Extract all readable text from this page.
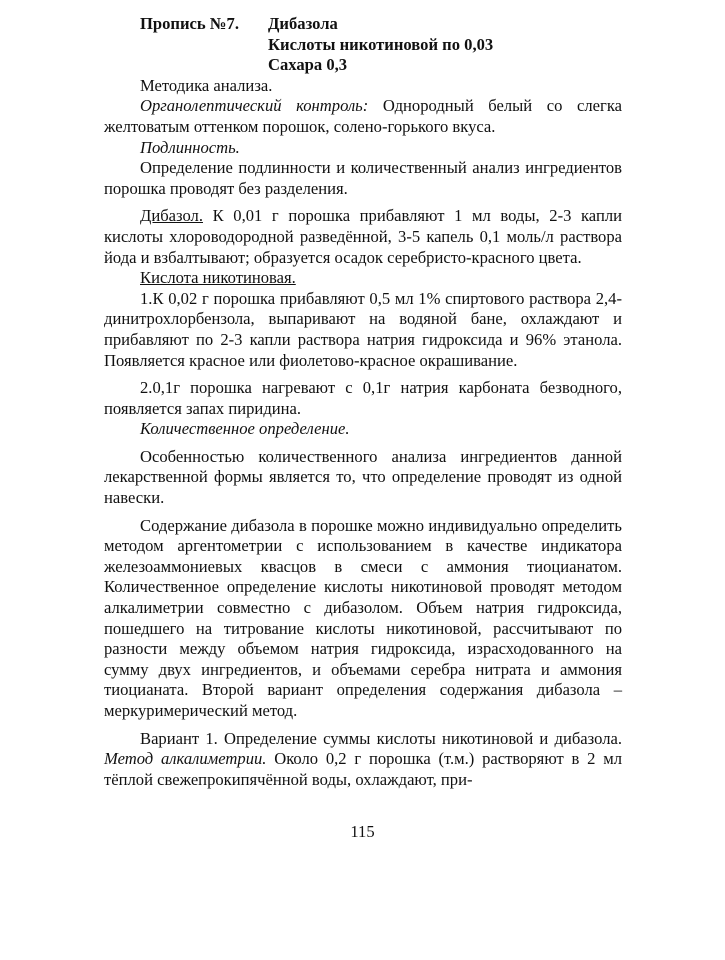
Пропись №7.	Дибазола
Кислоты никотиновой по 0,03
Сахара 0,3

Методика анализа.

Органолептический контроль: Однородный белый со слегка желтоватым оттенком порошок, солено-горького вкуса.

Подлинность.

Определение подлинности и количественный анализ ингредиентов порошка проводят без разделения.

Дибазол. К 0,01 г порошка прибавляют 1 мл воды, 2-3 капли кислоты хлороводородной разведённой, 3-5 капель 0,1 моль/л раствора йода и взбалтывают; образуется осадок серебристо-красного цвета.

Кислота никотиновая.

1.К 0,02 г порошка прибавляют 0,5 мл 1% спиртового раствора 2,4-динитрохлорбензола, выпаривают на водяной бане, охлаждают и прибавляют по 2-3 капли раствора натрия гидроксида и 96% этанола. Появляется красное или фиолетово-красное окрашивание.

2.0,1г порошка нагревают с 0,1г натрия карбоната безводного, появляется запах пиридина.

Количественное определение.

Особенностью количественного анализа ингредиентов данной лекарственной формы является то, что определение проводят из одной навески.

Содержание дибазола в порошке можно индивидуально определить методом аргентометрии с использованием в качестве индикатора железоаммониевых квасцов в смеси с аммония тиоцианатом. Количественное определение кислоты никотиновой проводят методом алкалиметрии совместно с дибазолом. Объем натрия гидроксида, пошедшего на титрование кислоты никотиновой, рассчитывают по разности между объемом натрия гидроксида, израсходованного на сумму двух ингредиентов, и объемами серебра нитрата и аммония тиоцианата. Второй вариант определения содержания дибазола – меркуримерический метод.

Вариант 1. Определение суммы кислоты никотиновой и дибазола. Метод алкалиметрии. Около 0,2 г порошка (т.м.) растворяют в 2 мл тёплой свежепрокипячённой воды, охлаждают, при-

115
